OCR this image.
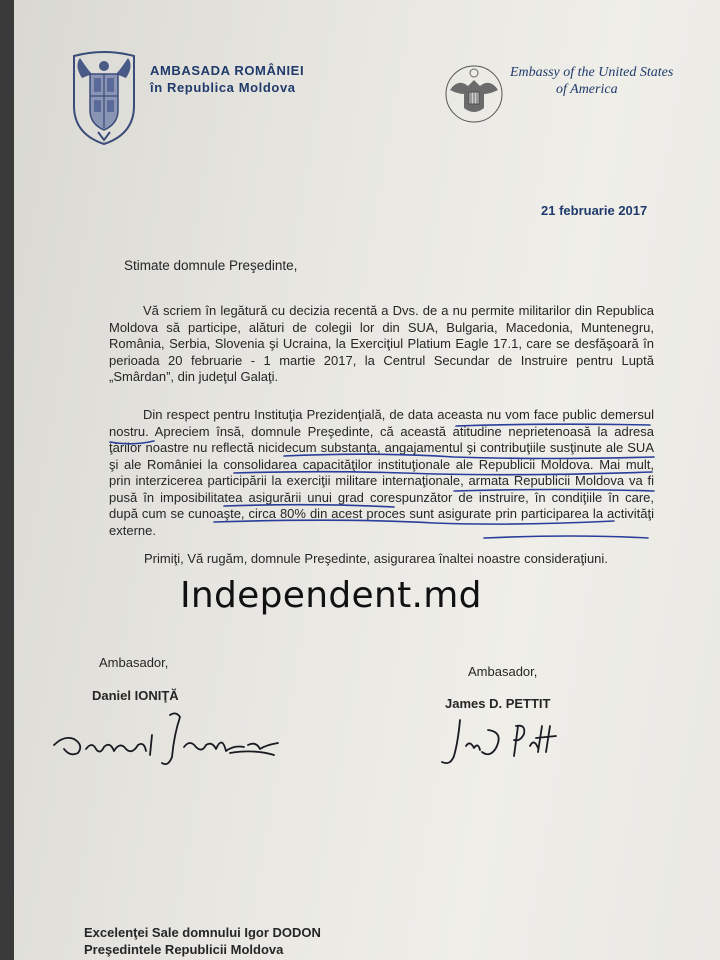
AMBASADA ROMÂNIEI
în Republica Moldova
Embassy of the United States
of America
21 februarie 2017
Stimate domnule Preşedinte,
Vă scriem în legătură cu decizia recentă a Dvs. de a nu permite militarilor din Republica Moldova să participe, alături de colegii lor din SUA, Bulgaria, Macedonia, Muntenegru, România, Serbia, Slovenia şi Ucraina, la Exerciţiul Platium Eagle 17.1, care se desfăşoară în perioada 20 februarie - 1 martie 2017, la Centrul Secundar de Instruire pentru Luptă „Smârdan”, din judeţul Galaţi.
Din respect pentru Instituţia Prezidenţială, de data aceasta nu vom face public demersul nostru. Apreciem însă, domnule Preşedinte, că această atitudine neprietenoasă la adresa ţărilor noastre nu reflectă nicidecum substanţa, angajamentul şi contribuţiile susţinute ale SUA şi ale României la consolidarea capacităţilor instituţionale ale Republicii Moldova. Mai mult, prin interzicerea participării la exerciţii militare internaţionale, armata Republicii Moldova va fi pusă în imposibilitatea asigurării unui grad corespunzător de instruire, în condiţiile în care, după cum se cunoaşte, circa 80% din acest proces sunt asigurate prin participarea la activităţi externe.
Primiţi, Vă rugăm, domnule Preşedinte, asigurarea înaltei noastre consideraţiuni.
Independent.md
Ambasador,
Daniel IONIŢĂ
Ambasador,
James D. PETTIT
Excelenţei Sale domnului Igor DODON
Preşedintele Republicii Moldova
